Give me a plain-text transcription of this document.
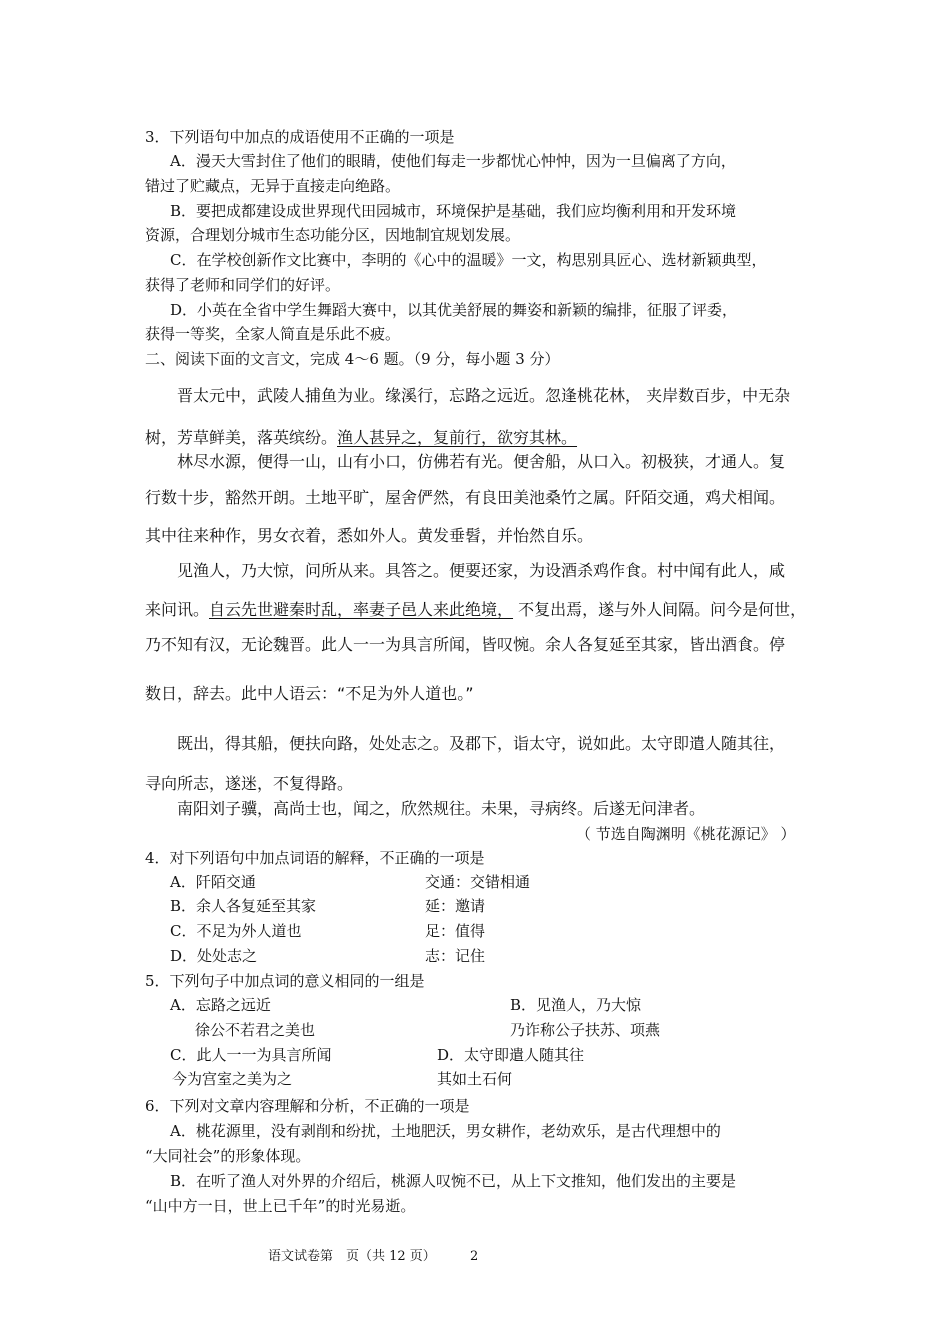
3．下列语句中加点的成语使用不正确的一项是
A．漫天大雪封住了他们的眼睛，使他们每走一步都忧心忡忡，因为一旦偏离了方向，
错过了贮藏点，无异于直接走向绝路。
B．要把成都建设成世界现代田园城市，环境保护是基础，我们应均衡利用和开发环境
资源，合理划分城市生态功能分区，因地制宜规划发展。
C．在学校创新作文比赛中，李明的《心中的温暖》一文，构思别具匠心、选材新颖典型，
获得了老师和同学们的好评。
D．小英在全省中学生舞蹈大赛中，以其优美舒展的舞姿和新颖的编排，征服了评委，
获得一等奖，全家人简直是乐此不疲。
二、阅读下面的文言文，完成 4～6 题。（9 分，每小题 3 分）
晋太元中，武陵人捕鱼为业。缘溪行，忘路之远近。忽逢桃花林， 夹岸数百步，中无杂
树，芳草鲜美，落英缤纷。渔人甚异之，复前行，欲穷其林。
林尽水源，便得一山，山有小口，仿佛若有光。便舍船，从口入。初极狭，才通人。复
行数十步，豁然开朗。土地平旷，屋舍俨然，有良田美池桑竹之属。阡陌交通，鸡犬相闻。
其中往来种作，男女衣着，悉如外人。黄发垂髫，并怡然自乐。
见渔人，乃大惊，问所从来。具答之。便要还家，为设酒杀鸡作食。村中闻有此人，咸
来问讯。自云先世避秦时乱，率妻子邑人来此绝境， 不复出焉，遂与外人间隔。问今是何世，
乃不知有汉，无论魏晋。此人一一为具言所闻，皆叹惋。余人各复延至其家，皆出酒食。停
数日，辞去。此中人语云：“不足为外人道也。”
既出，得其船，便扶向路，处处志之。及郡下，诣太守，说如此。太守即遣人随其往，
寻向所志，遂迷，不复得路。
南阳刘子骥，高尚士也，闻之，欣然规往。未果，寻病终。后遂无问津者。
（ 节选自陶渊明《桃花源记》 ）
4．对下列语句中加点词语的解释，不正确的一项是
A．阡陌交通	交通：交错相通
B．余人各复延至其家	延：邀请
C．不足为外人道也	足：值得
D．处处志之	志：记住
5．下列句子中加点词的意义相同的一组是
A．忘路之远近	B．见渔人，乃大惊
徐公不若君之美也	乃诈称公子扶苏、项燕
C．此人一一为具言所闻	D．太守即遣人随其往
今为宫室之美为之	其如土石何
6．下列对文章内容理解和分析，不正确的一项是
A．桃花源里，没有剥削和纷扰，土地肥沃，男女耕作，老幼欢乐，是古代理想中的
“大同社会”的形象体现。
B．在听了渔人对外界的介绍后，桃源人叹惋不已，从上下文推知，他们发出的主要是
“山中方一日，世上已千年”的时光易逝。
语文试卷第　页（共 12 页）	2
